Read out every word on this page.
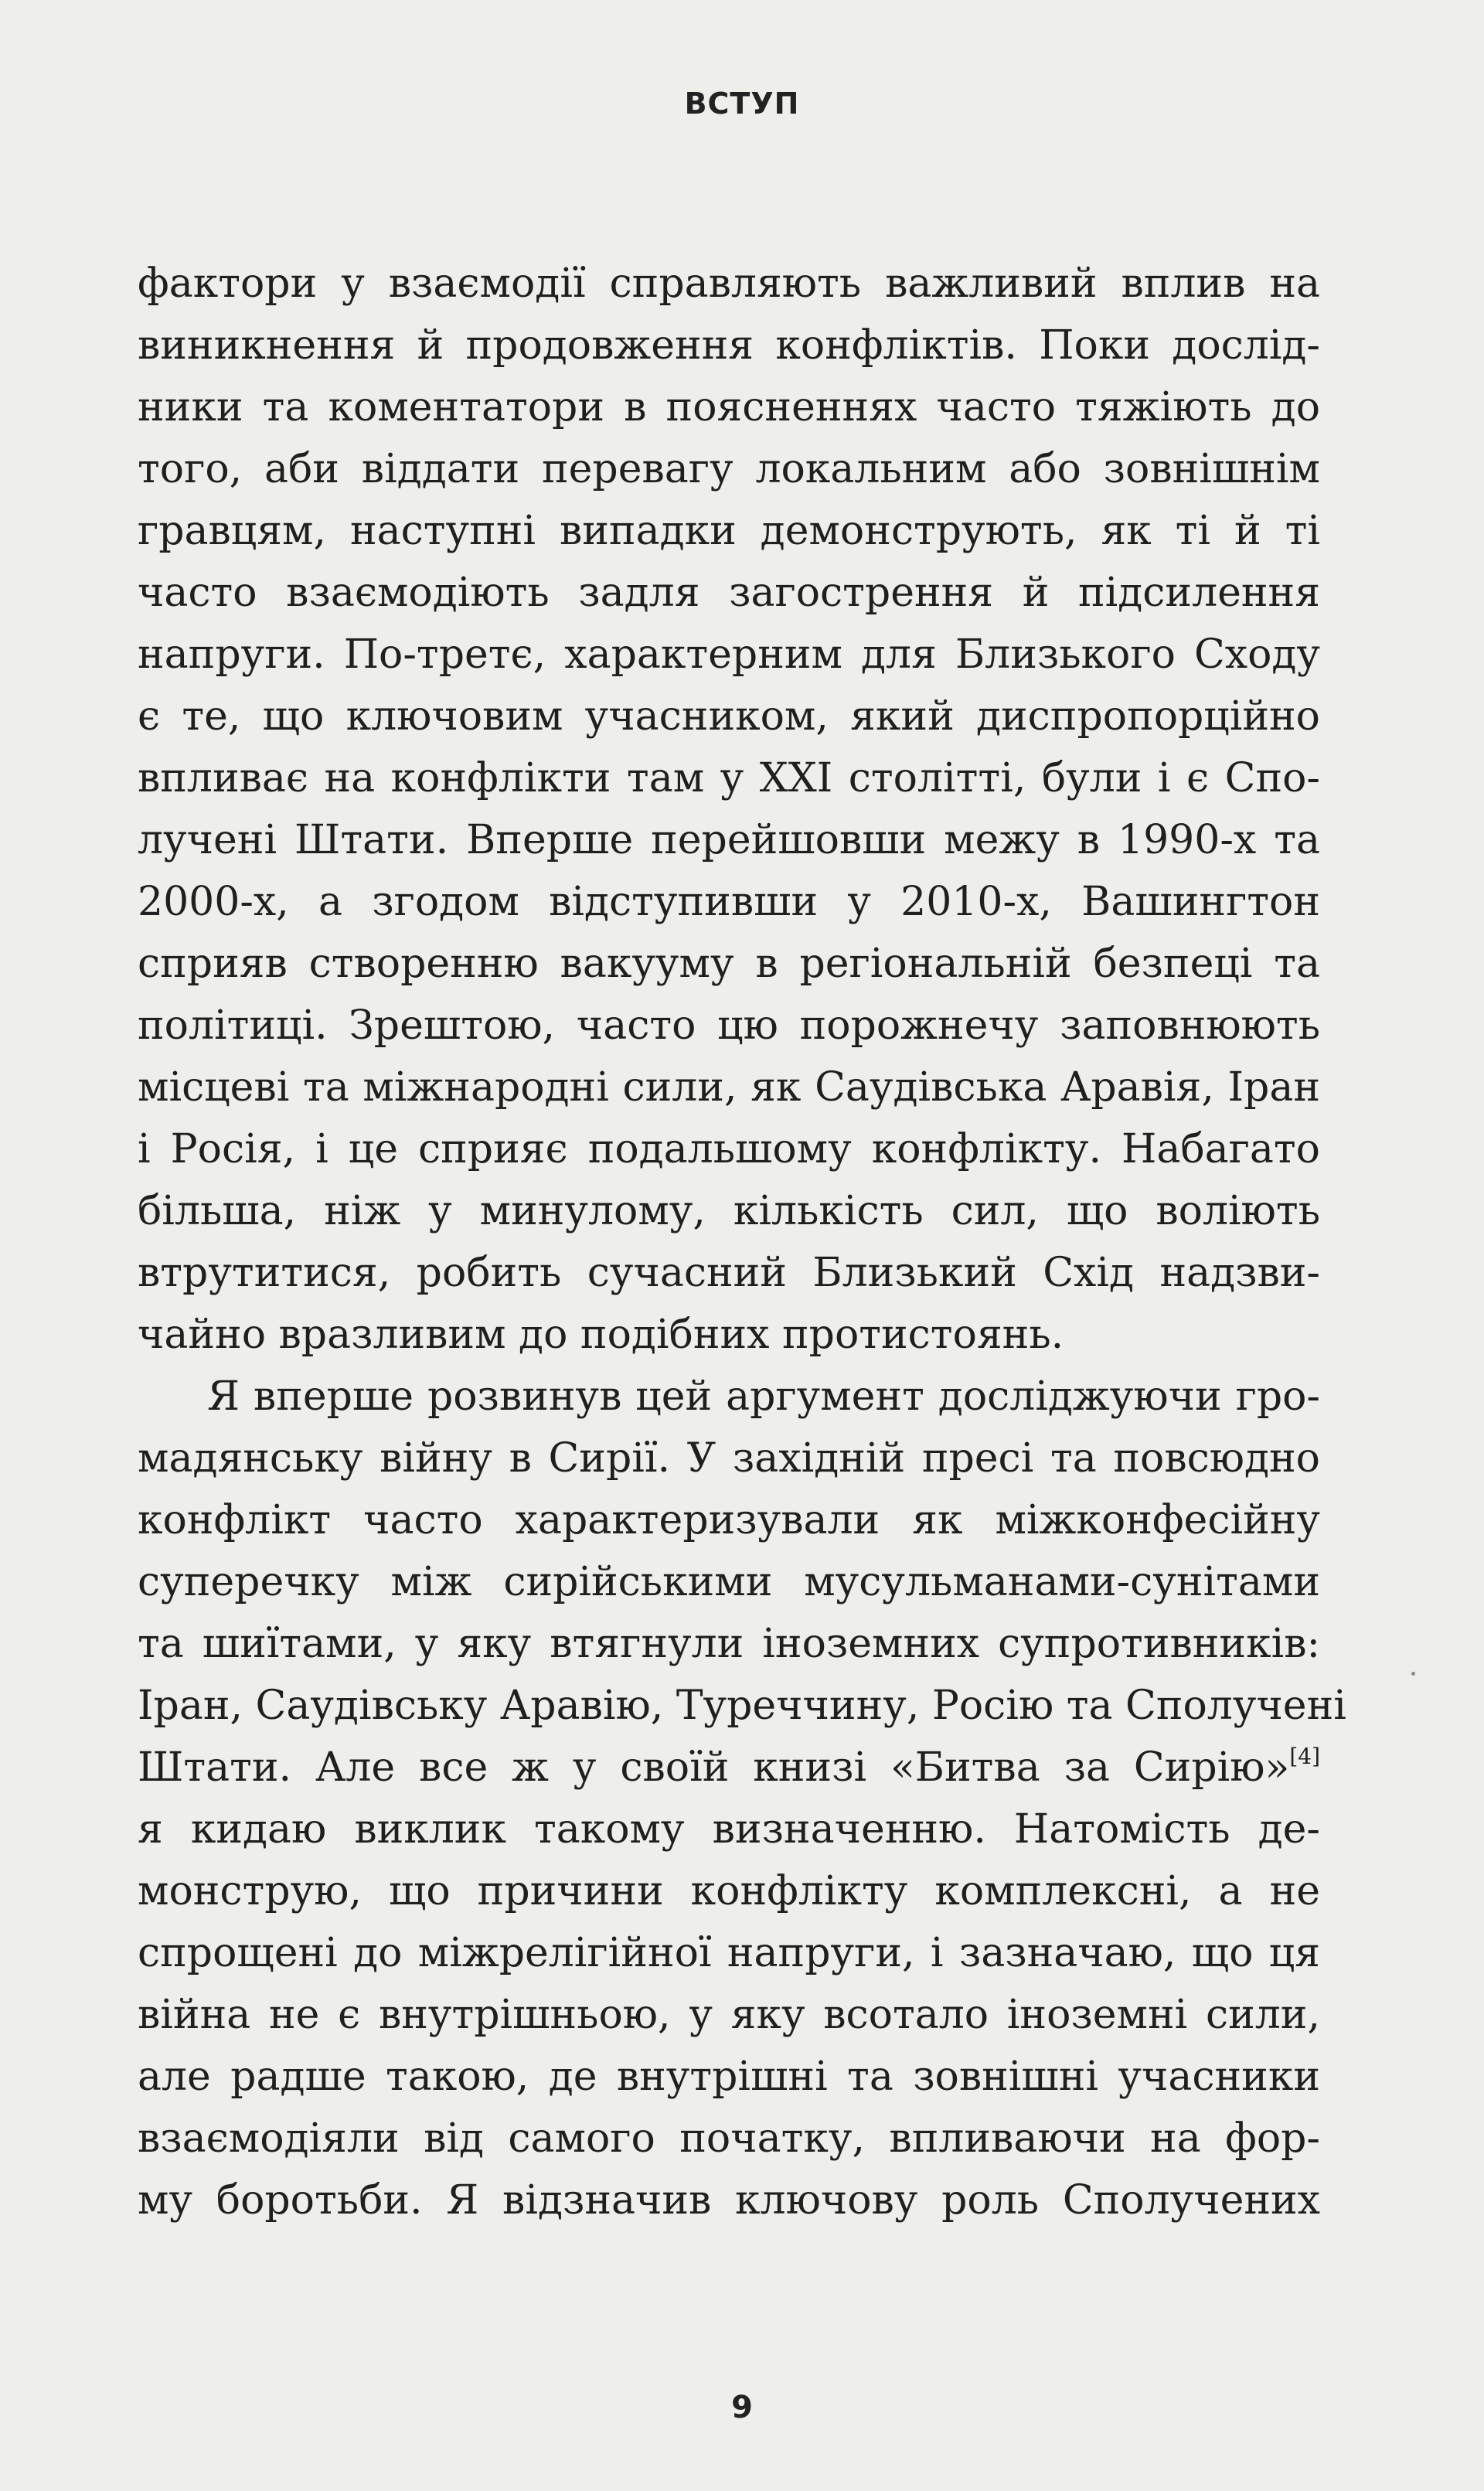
ВСТУП
фактори у взаємодії справляють важливий вплив на
виникнення й продовження конфліктів. Поки дослід-
ники та коментатори в поясненнях часто тяжіють до
того, аби віддати перевагу локальним або зовнішнім
гравцям, наступні випадки демонструють, як ті й ті
часто взаємодіють задля загострення й підсилення
напруги. По-третє, характерним для Близького Сходу
є те, що ключовим учасником, який диспропорційно
впливає на конфлікти там у XXI столітті, були і є Спо-
лучені Штати. Вперше перейшовши межу в 1990-х та
2000-х, а згодом відступивши у 2010-х, Вашингтон
сприяв створенню вакууму в регіональній безпеці та
політиці. Зрештою, часто цю порожнечу заповнюють
місцеві та міжнародні сили, як Саудівська Аравія, Іран
і Росія, і це сприяє подальшому конфлікту. Набагато
більша, ніж у минулому, кількість сил, що воліють
втрутитися, робить сучасний Близький Схід надзви-
чайно вразливим до подібних протистоянь.
Я вперше розвинув цей аргумент досліджуючи гро-
мадянську війну в Сирії. У західній пресі та повсюдно
конфлікт часто характеризували як міжконфесійну
суперечку між сирійськими мусульманами-сунітами
та шиїтами, у яку втягнули іноземних супротивників:
Іран, Саудівську Аравію, Туреччину, Росію та Сполучені
Штати. Але все ж у своїй книзі «Битва за Сирію»[4]
я кидаю виклик такому визначенню. Натомість де-
монструю, що причини конфлікту комплексні, а не
спрощені до міжрелігійної напруги, і зазначаю, що ця
війна не є внутрішньою, у яку всотало іноземні сили,
але радше такою, де внутрішні та зовнішні учасники
взаємодіяли від самого початку, впливаючи на фор-
му боротьби. Я відзначив ключову роль Сполучених
9
